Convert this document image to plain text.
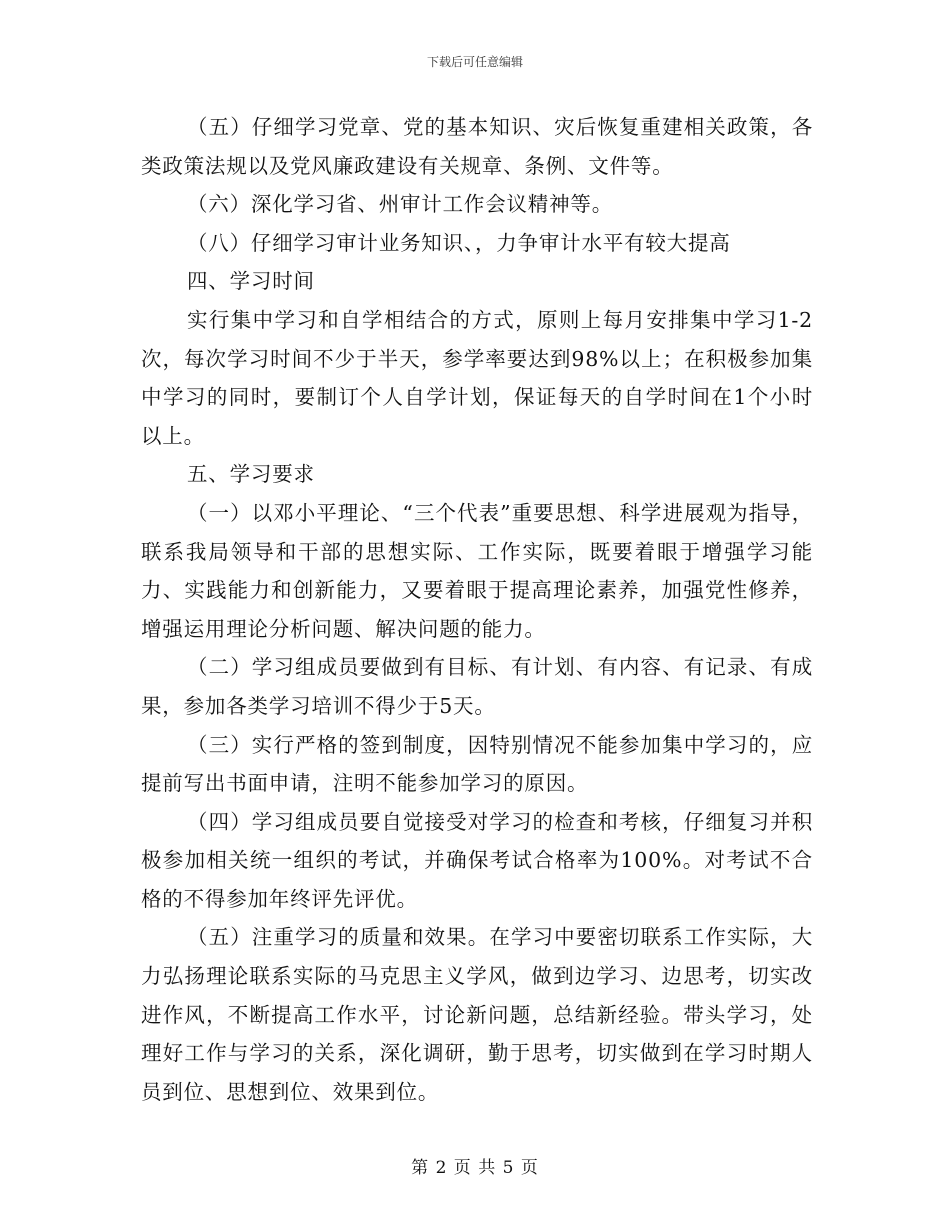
下载后可任意编辑

（五）仔细学习党章、党的基本知识、灾后恢复重建相关政策，各类政策法规以及党风廉政建设有关规章、条例、文件等。

（六）深化学习省、州审计工作会议精神等。

（八）仔细学习审计业务知识、，力争审计水平有较大提高

四、学习时间

实行集中学习和自学相结合的方式，原则上每月安排集中学习1-2次，每次学习时间不少于半天，参学率要达到98%以上；在积极参加集中学习的同时，要制订个人自学计划，保证每天的自学时间在1个小时以上。

五、学习要求

（一）以邓小平理论、“三个代表”重要思想、科学进展观为指导，联系我局领导和干部的思想实际、工作实际，既要着眼于增强学习能力、实践能力和创新能力，又要着眼于提高理论素养，加强党性修养，增强运用理论分析问题、解决问题的能力。

（二）学习组成员要做到有目标、有计划、有内容、有记录、有成果，参加各类学习培训不得少于5天。

（三）实行严格的签到制度，因特别情况不能参加集中学习的，应提前写出书面申请，注明不能参加学习的原因。

（四）学习组成员要自觉接受对学习的检查和考核，仔细复习并积极参加相关统一组织的考试，并确保考试合格率为100%。对考试不合格的不得参加年终评先评优。

（五）注重学习的质量和效果。在学习中要密切联系工作实际，大力弘扬理论联系实际的马克思主义学风，做到边学习、边思考，切实改进作风，不断提高工作水平，讨论新问题，总结新经验。带头学习，处理好工作与学习的关系，深化调研，勤于思考，切实做到在学习时期人员到位、思想到位、效果到位。

第 2 页 共 5 页
